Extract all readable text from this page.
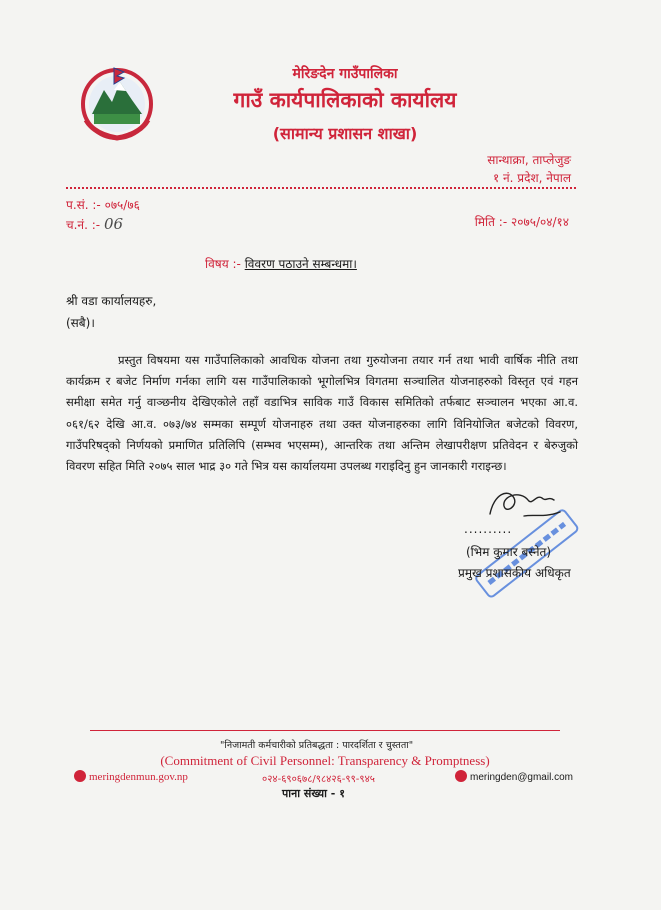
मेरिङदेन गाउँपालिका
गाउँ कार्यपालिकाको कार्यालय
(सामान्य प्रशासन शाखा)
सान्थाक्रा, ताप्लेजुङ
१ नं. प्रदेश, नेपाल
प.सं. :- ०७५/७६
च.नं. :- 06	मिति :- २०७५/०४/१४
विषय :- विवरण पठाउने सम्बन्धमा।
श्री वडा कार्यालयहरु,
(सबै)।
प्रस्तुत विषयमा यस गाउँपालिकाको आवधिक योजना तथा गुरुयोजना तयार गर्न तथा भावी वार्षिक नीति तथा कार्यक्रम र बजेट निर्माण गर्नका लागि यस गाउँपालिकाको भूगोलभित्र विगतमा सञ्चालित योजनाहरुको विस्तृत एवं गहन समीक्षा समेत गर्नु वाञ्छनीय देखिएकोले तहाँ वडाभित्र साविक गाउँ विकास समितिको तर्फबाट सञ्चालन भएका आ.व. ०६१/६२ देखि आ.व. ०७३/७४ सम्मका सम्पूर्ण योजनाहरु तथा उक्त योजनाहरुका लागि विनियोजित बजेटको विवरण, गाउँपरिषद्को निर्णयको प्रमाणित प्रतिलिपि (सम्भव भएसम्म), आन्तरिक तथा अन्तिम लेखापरीक्षण प्रतिवेदन र बेरुजुको विवरण सहित मिति २०७५ साल भाद्र ३० गते भित्र यस कार्यालयमा उपलब्ध गराइदिनु हुन जानकारी गराइन्छ।
..........
(भिम कुमार बस्नेत)
प्रमुख प्रशासकीय अधिकृत
"निजामती कर्मचारीको प्रतिबद्धता : पारदर्शिता र चुस्तता"
(Commitment of Civil Personnel: Transparency & Promptness)
meringdenmun.gov.np	०२४-६९०६७८/९८४२६-९९-९४५	meringden@gmail.com
पाना संख्या - १
